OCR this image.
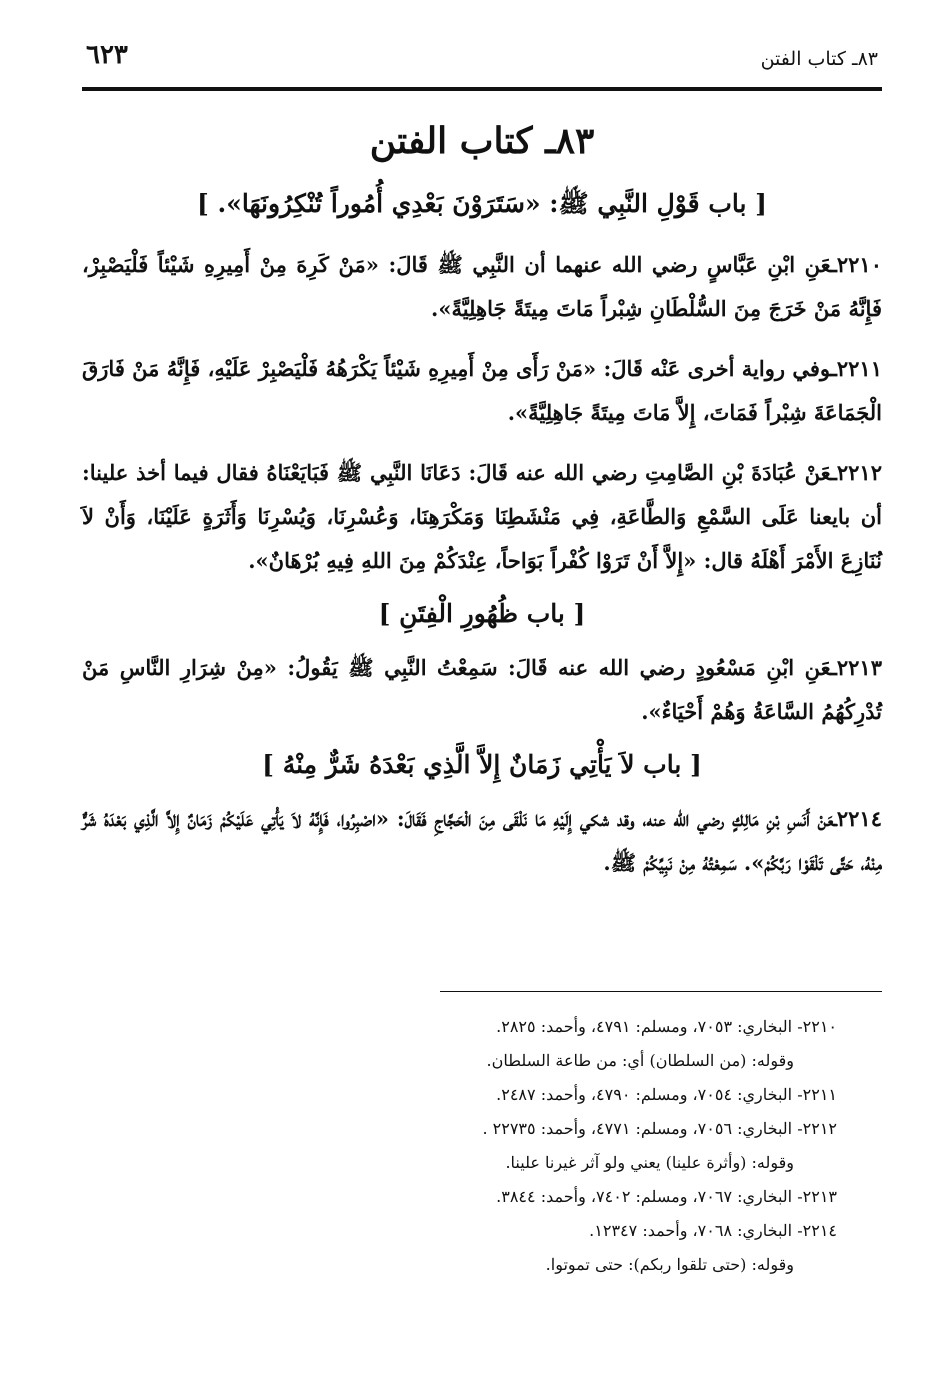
٦٢٣	٨٣ـ كتاب الفتن
٨٣ـ كتاب الفتن
[ باب قَوْلِ النَّبِي ﷺ: «سَتَرَوْنَ بَعْدِي أُمُوراً تُنْكِرُونَهَا». ]

٢٢١٠ـعَنِ ابْنِ عَبَّاسٍ رضي الله عنهما أن النَّبِي ﷺ قَالَ: «مَنْ كَرِهَ مِنْ أَمِيرِهِ شَيْئاً فَلْيَصْبِرْ، فَإِنَّهُ مَنْ خَرَجَ مِنَ السُّلْطَانِ شِبْراً مَاتَ مِيتَةً جَاهِلِيَّةً».

٢٢١١ـوفي رواية أخرى عَنْه قَالَ: «مَنْ رَأَى مِنْ أَمِيرِهِ شَيْئاً يَكْرَهُهُ فَلْيَصْبِرْ عَلَيْهِ، فَإِنَّهُ مَنْ فَارَقَ الْجَمَاعَةَ شِبْراً فَمَاتَ، إِلاَّ مَاتَ مِيتَةً جَاهِلِيَّةً».

٢٢١٢ـعَنْ عُبَادَةَ بْنِ الصَّامِتِ رضي الله عنه قَالَ: دَعَانَا النَّبِي ﷺ فَبَايَعْنَاهُ فقال فيما أخذ علينا: أن بايعنا عَلَى السَّمْعِ وَالطَّاعَةِ، فِي مَنْشَطِنَا وَمَكْرَهِنَا، وَعُسْرِنَا، وَيُسْرِنَا وَأَثَرَةٍ عَلَيْنَا، وَأَنْ لاَ نُنَازِعَ الأَمْرَ أَهْلَهُ قال: «إِلاَّ أَنْ تَرَوْا كُفْراً بَوَاحاً، عِنْدَكُمْ مِنَ اللهِ فِيهِ بُرْهَانٌ».

[ باب ظُهُورِ الْفِتَنِ ]

٢٢١٣ـعَنِ ابْنِ مَسْعُودٍ رضي الله عنه قَالَ: سَمِعْتُ النَّبِي ﷺ يَقُولُ: «مِنْ شِرَارِ النَّاسِ مَنْ تُدْرِكُهُمُ السَّاعَةُ وَهُمْ أَحْيَاءٌ».

[ باب لاَ يَأْتِي زَمَانٌ إِلاَّ الَّذِي بَعْدَهُ شَرٌّ مِنْهُ ]

٢٢١٤ـعَنْ أَنَسِ بْنِ مَالِكٍ رضي الله عنه، وقد شكي إِلَيْهِ مَا نَلْقَى مِنَ الْحَجَّاجِ فَقَالَ: «اصْبِرُوا، فَإِنَّهُ لاَ يَأْتِي عَلَيْكُمْ زَمَانٌ إِلاَّ الَّذِي بَعْدَهُ شَرٌّ مِنْهُ، حَتَّى تَلْقَوْا رَبَّكُمْ». سَمِعْتُهُ مِنْ نَبِيِّكُمْ ﷺ.

٢٢١٠- البخاري: ٧٠٥٣، ومسلم: ٤٧٩١، وأحمد: ٢٨٢٥.
وقوله: (من السلطان) أي: من طاعة السلطان.
٢٢١١- البخاري: ٧٠٥٤، ومسلم: ٤٧٩٠، وأحمد: ٢٤٨٧.
٢٢١٢- البخاري: ٧٠٥٦، ومسلم: ٤٧٧١، وأحمد: ٢٢٧٣٥ .
وقوله: (وأثرة علينا) يعني ولو آثر غيرنا علينا.
٢٢١٣- البخاري: ٧٠٦٧، ومسلم: ٧٤٠٢، وأحمد: ٣٨٤٤.
٢٢١٤- البخاري: ٧٠٦٨، وأحمد: ١٢٣٤٧.
وقوله: (حتى تلقوا ربكم): حتى تموتوا.
